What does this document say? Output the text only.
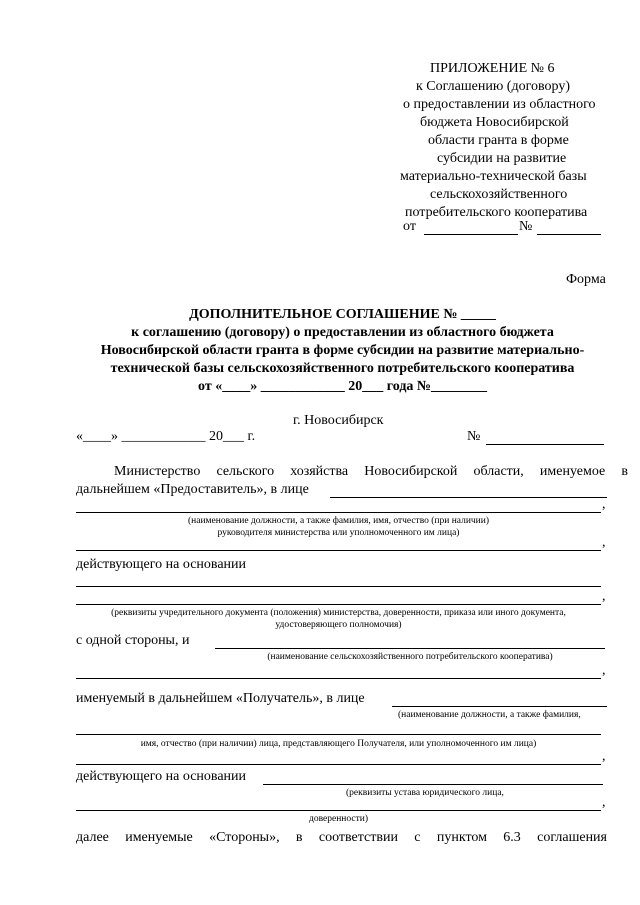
ПРИЛОЖЕНИЕ № 6
к Соглашению (договору)
о предоставлении из областного
бюджета Новосибирской
области гранта в форме
субсидии на развитие
материально-технической базы
сельскохозяйственного
потребительского кооператива
от	№
Форма
ДОПОЛНИТЕЛЬНОЕ СОГЛАШЕНИЕ № _____
к соглашению (договору) о предоставлении из областного бюджета
Новосибирской области гранта в форме субсидии на развитие материально-
технической базы сельскохозяйственного потребительского кооператива
от «____» ____________ 20___ года №________
г. Новосибирск
«____» ____________ 20___ г.	№
Министерство сельского хозяйства Новосибирской области, именуемое в
дальнейшем «Предоставитель», в лице
,
(наименование должности, а также фамилия, имя, отчество (при наличии)
руководителя министерства или уполномоченного им лица)
,
действующего на основании
,
(реквизиты учредительного документа (положения) министерства, доверенности, приказа или иного документа,
удостоверяющего полномочия)
с одной стороны, и
(наименование сельскохозяйственного потребительского кооператива)
,
именуемый в дальнейшем «Получатель», в лице
(наименование должности, а также фамилия,
имя, отчество (при наличии) лица, представляющего Получателя, или уполномоченного им лица)
,
действующего на основании
(реквизиты устава юридического лица,
,
доверенности)
далее именуемые «Стороны», в соответствии с пунктом 6.3 соглашения
